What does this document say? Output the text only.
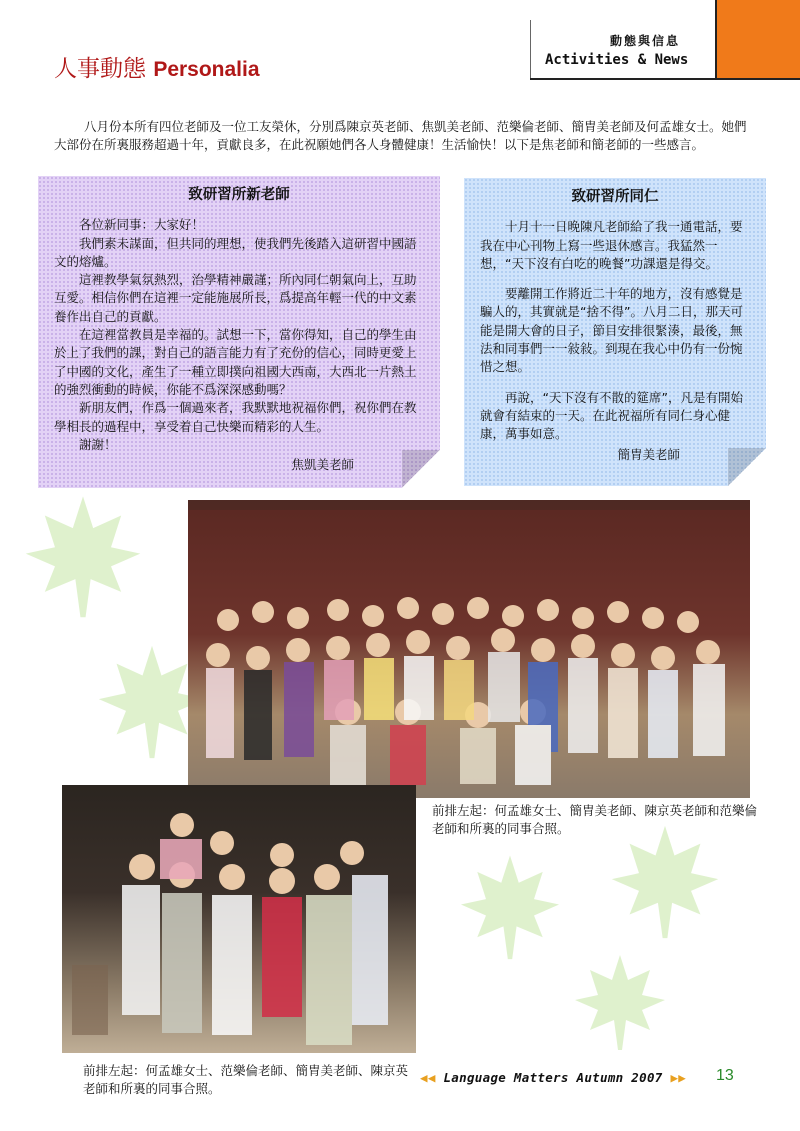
動態與信息
Activities & News
人事動態 Personalia
八月份本所有四位老師及一位工友榮休，分別爲陳京英老師、焦凱美老師、范樂倫老師、簡胄美老師及何孟雄女士。她們大部份在所裏服務超過十年，貢獻良多，在此祝願她們各人身體健康！生活愉快！以下是焦老師和簡老師的一些感言。

致研習所新老師

各位新同事：大家好！

我們素未謀面，但共同的理想，使我們先後踏入這研習中國語文的熔爐。

這裡教學氣氛熱烈，治學精神嚴謹；所內同仁朝氣向上，互助互愛。相信你們在這裡一定能施展所長，爲提高年輕一代的中文素養作出自己的貢獻。

在這裡當教員是幸福的。試想一下，當你得知，自己的學生由於上了我們的課，對自己的語言能力有了充份的信心，同時更愛上了中國的文化，產生了一種立即撲向祖國大西南，大西北一片熱土的強烈衝動的時候，你能不爲深深感動嗎？

新朋友們，作爲一個過來者，我默默地祝福你們，祝你們在教學相長的過程中，享受着自己快樂而精彩的人生。

謝謝！

焦凱美老師

致研習所同仁

十月十一日晚陳凡老師給了我一通電話，要我在中心刊物上寫一些退休感言。我猛然一想，“天下沒有白吃的晚餐”功課還是得交。

要離開工作將近二十年的地方，沒有感覺是騙人的，其實就是“捨不得”。八月二日，那天可能是開大會的日子，節目安排很緊湊，最後，無法和同事們一一敍敍。到現在我心中仍有一份惋惜之想。

再說，“天下沒有不散的筵席”，凡是有開始就會有結束的一天。在此祝福所有同仁身心健康，萬事如意。

簡胄美老師

前排左起：何孟雄女士、簡胄美老師、陳京英老師和范樂倫老師和所裏的同事合照。
前排左起：何孟雄女士、范樂倫老師、簡胄美老師、陳京英老師和所裏的同事合照。
◀◀ Language Matters Autumn 2007 ▶▶ 13
